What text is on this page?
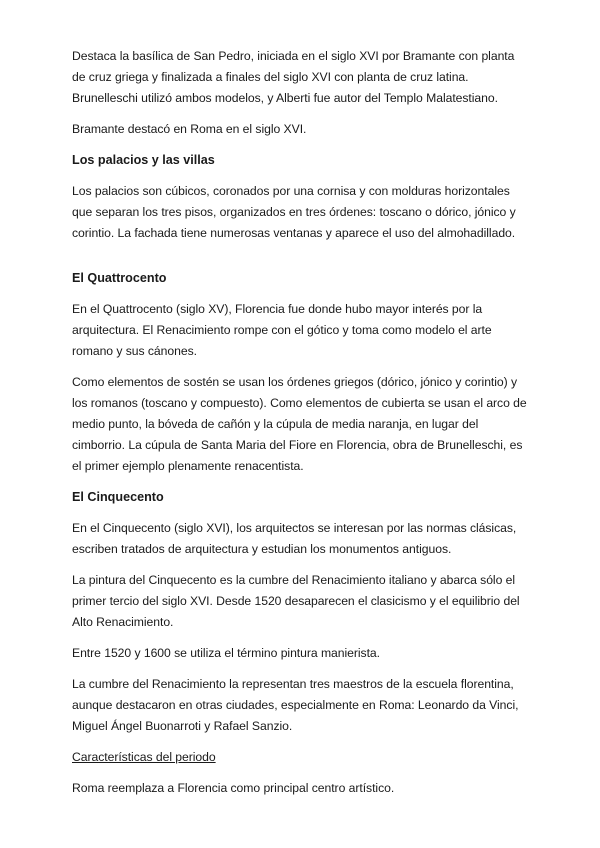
Destaca la basílica de San Pedro, iniciada en el siglo XVI por Bramante con planta de cruz griega y finalizada a finales del siglo XVI con planta de cruz latina. Brunelleschi utilizó ambos modelos, y Alberti fue autor del Templo Malatestiano.

Bramante destacó en Roma en el siglo XVI.

Los palacios y las villas

Los palacios son cúbicos, coronados por una cornisa y con molduras horizontales que separan los tres pisos, organizados en tres órdenes: toscano o dórico, jónico y corintio. La fachada tiene numerosas ventanas y aparece el uso del almohadillado.

El Quattrocento

En el Quattrocento (siglo XV), Florencia fue donde hubo mayor interés por la arquitectura. El Renacimiento rompe con el gótico y toma como modelo el arte romano y sus cánones.

Como elementos de sostén se usan los órdenes griegos (dórico, jónico y corintio) y los romanos (toscano y compuesto). Como elementos de cubierta se usan el arco de medio punto, la bóveda de cañón y la cúpula de media naranja, en lugar del cimborrio. La cúpula de Santa Maria del Fiore en Florencia, obra de Brunelleschi, es el primer ejemplo plenamente renacentista.

El Cinquecento

En el Cinquecento (siglo XVI), los arquitectos se interesan por las normas clásicas, escriben tratados de arquitectura y estudian los monumentos antiguos.

La pintura del Cinquecento es la cumbre del Renacimiento italiano y abarca sólo el primer tercio del siglo XVI. Desde 1520 desaparecen el clasicismo y el equilibrio del Alto Renacimiento.

Entre 1520 y 1600 se utiliza el término pintura manierista.

La cumbre del Renacimiento la representan tres maestros de la escuela florentina, aunque destacaron en otras ciudades, especialmente en Roma: Leonardo da Vinci, Miguel Ángel Buonarroti y Rafael Sanzio.

Características del periodo

Roma reemplaza a Florencia como principal centro artístico.
